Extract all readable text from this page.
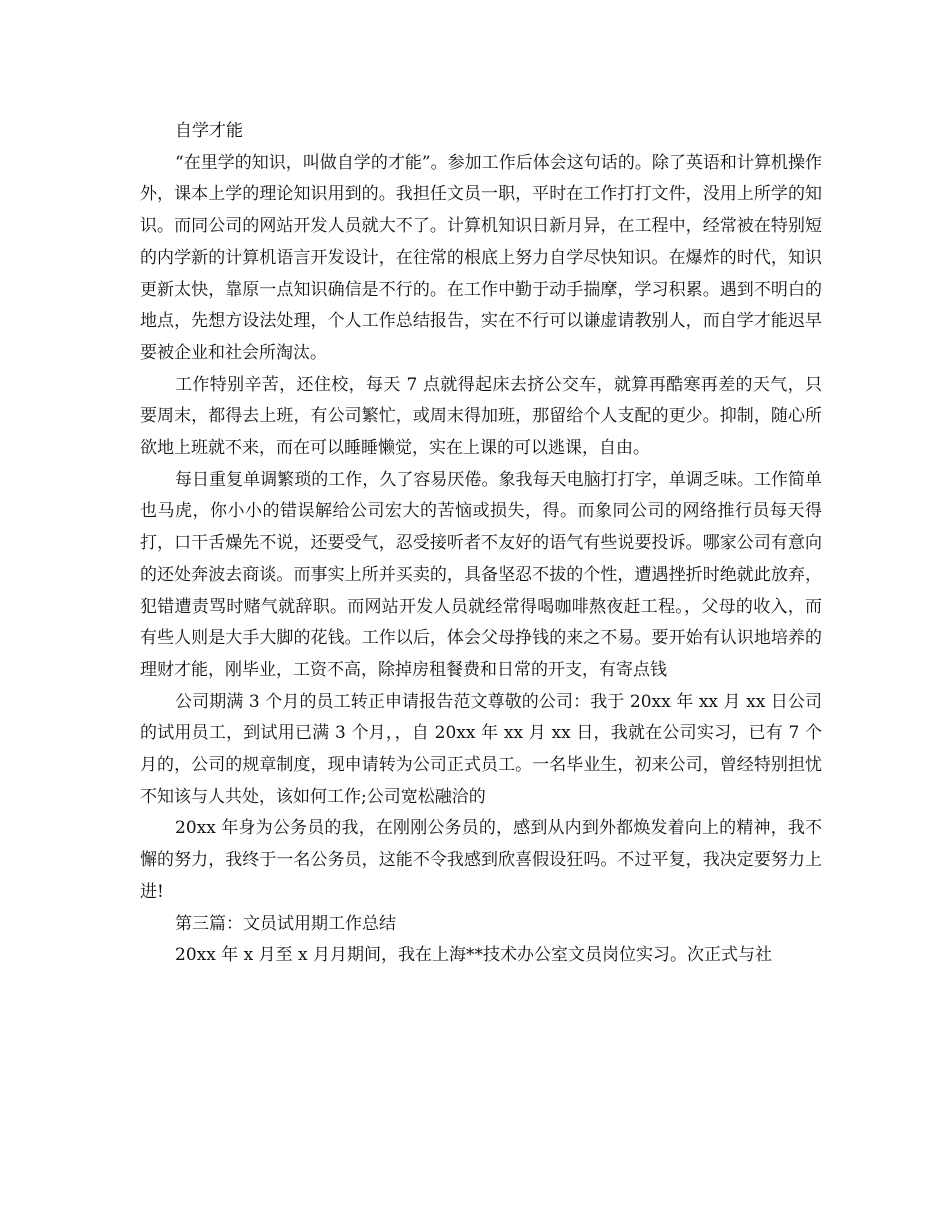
自学才能

“在里学的知识，叫做自学的才能”。参加工作后体会这句话的。除了英语和计算机操作外，课本上学的理论知识用到的。我担任文员一职，平时在工作打打文件，没用上所学的知识。而同公司的网站开发人员就大不了。计算机知识日新月异，在工程中，经常被在特别短的内学新的计算机语言开发设计，在往常的根底上努力自学尽快知识。在爆炸的时代，知识更新太快，靠原一点知识确信是不行的。在工作中勤于动手揣摩，学习积累。遇到不明白的地点，先想方设法处理，个人工作总结报告，实在不行可以谦虚请教别人，而自学才能迟早要被企业和社会所淘汰。

工作特别辛苦，还住校，每天 7 点就得起床去挤公交车，就算再酷寒再差的天气，只要周末，都得去上班，有公司繁忙，或周末得加班，那留给个人支配的更少。抑制，随心所欲地上班就不来，而在可以睡睡懒觉，实在上课的可以逃课，自由。

每日重复单调繁琐的工作，久了容易厌倦。象我每天电脑打打字，单调乏味。工作简单也马虎，你小小的错误解给公司宏大的苦恼或损失，得。而象同公司的网络推行员每天得打，口干舌燥先不说，还要受气，忍受接听者不友好的语气有些说要投诉。哪家公司有意向的还处奔波去商谈。而事实上所并买卖的，具备坚忍不拔的个性，遭遇挫折时绝就此放弃，犯错遭责骂时赌气就辞职。而网站开发人员就经常得喝咖啡熬夜赶工程。，父母的收入，而有些人则是大手大脚的花钱。工作以后，体会父母挣钱的来之不易。要开始有认识地培养的理财才能，刚毕业，工资不高，除掉房租餐费和日常的开支，有寄点钱

公司期满 3 个月的员工转正申请报告范文尊敬的公司：我于 20xx 年 xx 月 xx 日公司的试用员工，到试用已满 3 个月，，自 20xx 年 xx 月 xx 日，我就在公司实习，已有 7 个月的，公司的规章制度，现申请转为公司正式员工。一名毕业生，初来公司，曾经特别担忧不知该与人共处，该如何工作;公司宽松融洽的

20xx 年身为公务员的我，在刚刚公务员的，感到从内到外都焕发着向上的精神，我不懈的努力，我终于一名公务员，这能不令我感到欣喜假设狂吗。不过平复，我决定要努力上进!

第三篇：文员试用期工作总结

20xx 年 x 月至 x 月月期间，我在上海**技术办公室文员岗位实习。次正式与社
